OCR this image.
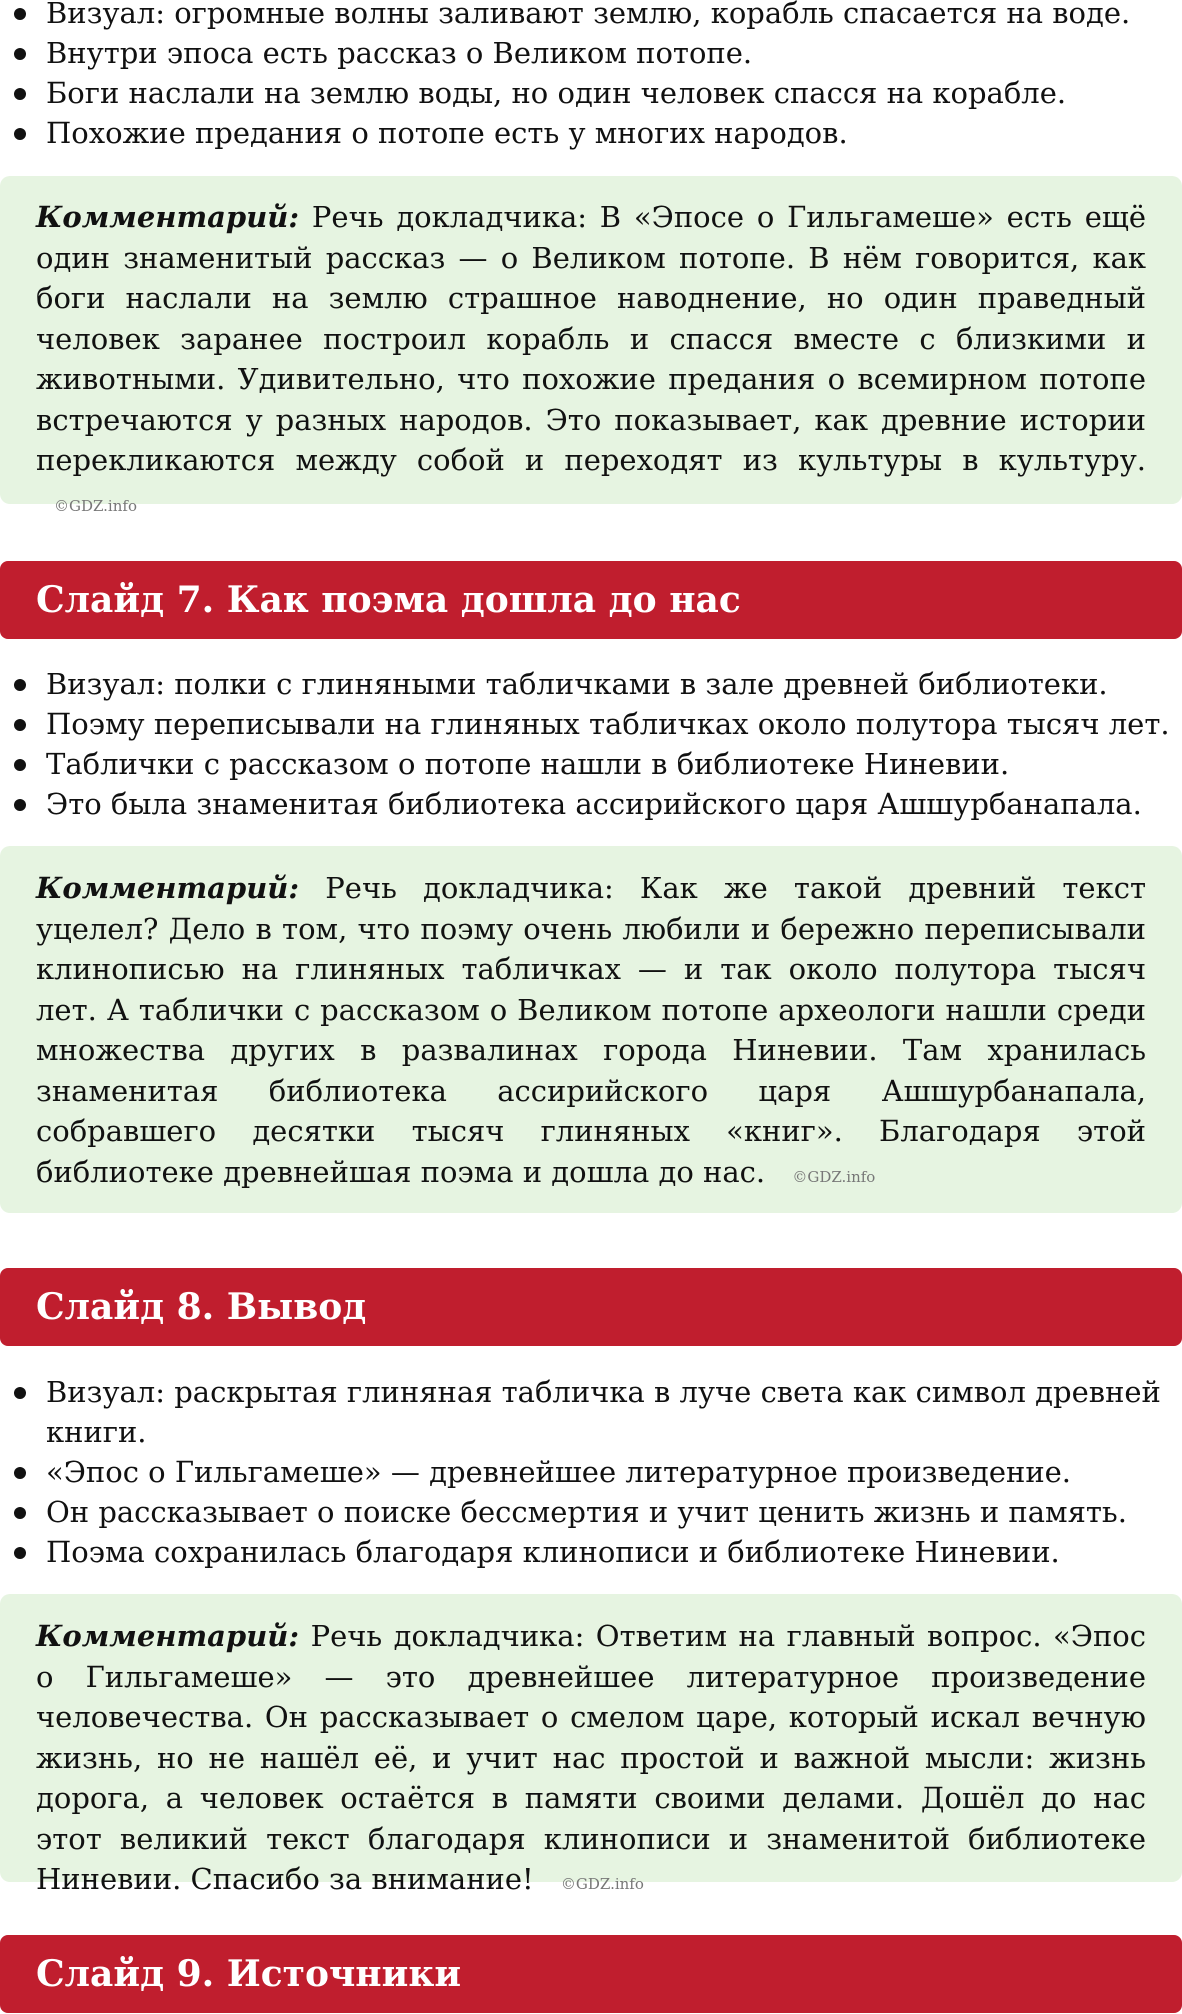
Визуал: огромные волны заливают землю, корабль спасается на воде.
Внутри эпоса есть рассказ о Великом потопе.
Боги наслали на землю воды, но один человек спасся на корабле.
Похожие предания о потопе есть у многих народов.
Комментарий: Речь докладчика: В «Эпосе о Гильгамеше» есть ещё один знаменитый рассказ — о Великом потопе. В нём говорится, как боги наслали на землю страшное наводнение, но один праведный человек заранее построил корабль и спасся вместе с близкими и животными. Удивительно, что похожие предания о всемирном потопе встречаются у разных народов. Это показывает, как древние истории перекликаются между собой и переходят из культуры в культуру. ©GDZ.info
Слайд 7. Как поэма дошла до нас
Визуал: полки с глиняными табличками в зале древней библиотеки.
Поэму переписывали на глиняных табличках около полутора тысяч лет.
Таблички с рассказом о потопе нашли в библиотеке Ниневии.
Это была знаменитая библиотека ассирийского царя Ашшурбанапала.
Комментарий: Речь докладчика: Как же такой древний текст уцелел? Дело в том, что поэму очень любили и бережно переписывали клинописью на глиняных табличках — и так около полутора тысяч лет. А таблички с рассказом о Великом потопе археологи нашли среди множества других в развалинах города Ниневии. Там хранилась знаменитая библиотека ассирийского царя Ашшурбанапала, собравшего десятки тысяч глиняных «книг». Благодаря этой библиотеке древнейшая поэма и дошла до нас. ©GDZ.info
Слайд 8. Вывод
Визуал: раскрытая глиняная табличка в луче света как символ древней книги.
«Эпос о Гильгамеше» — древнейшее литературное произведение.
Он рассказывает о поиске бессмертия и учит ценить жизнь и память.
Поэма сохранилась благодаря клинописи и библиотеке Ниневии.
Комментарий: Речь докладчика: Ответим на главный вопрос. «Эпос о Гильгамеше» — это древнейшее литературное произведение человечества. Он рассказывает о смелом царе, который искал вечную жизнь, но не нашёл её, и учит нас простой и важной мысли: жизнь дорога, а человек остаётся в памяти своими делами. Дошёл до нас этот великий текст благодаря клинописи и знаменитой библиотеке Ниневии. Спасибо за внимание! ©GDZ.info
Слайд 9. Источники
